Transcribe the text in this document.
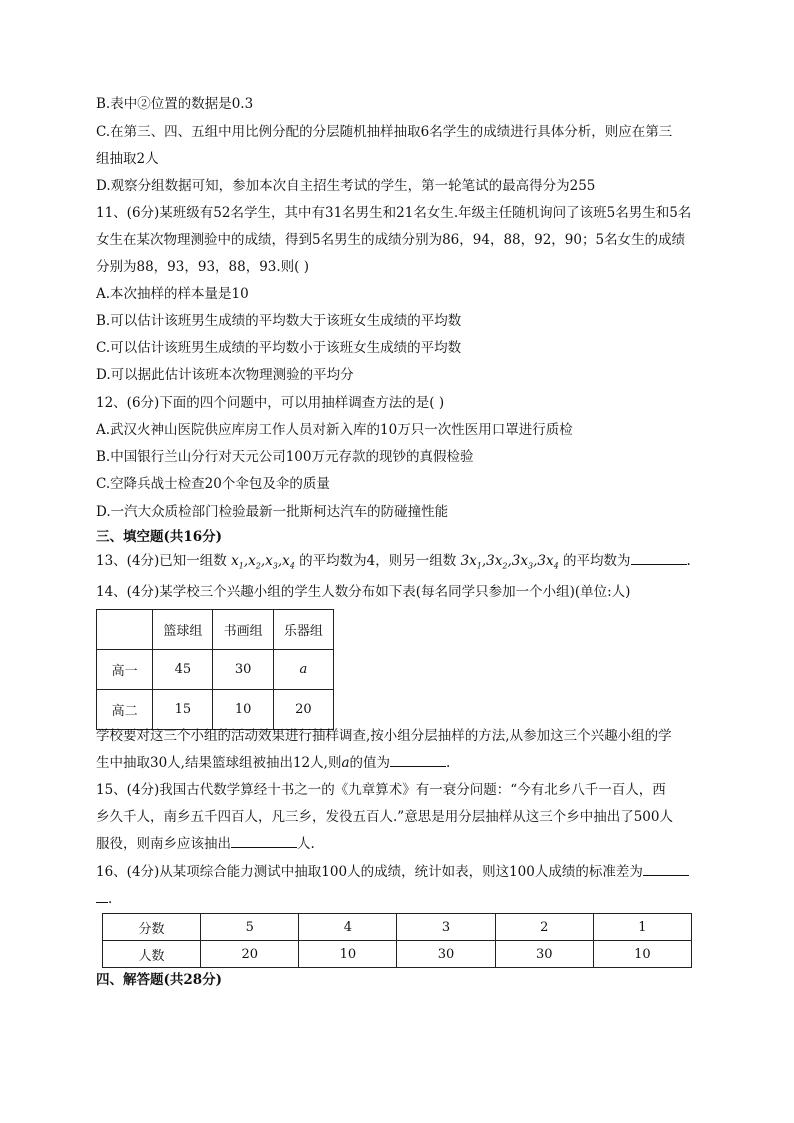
B.表中②位置的数据是0.3
C.在第三、四、五组中用比例分配的分层随机抽样抽取6名学生的成绩进行具体分析，则应在第三
组抽取2人
D.观察分组数据可知，参加本次自主招生考试的学生，第一轮笔试的最高得分为255
11、(6分)某班级有52名学生，其中有31名男生和21名女生.年级主任随机询问了该班5名男生和5名
女生在某次物理测验中的成绩，得到5名男生的成绩分别为86，94，88，92，90；5名女生的成绩
分别为88，93，93，88，93.则( )
A.本次抽样的样本量是10
B.可以估计该班男生成绩的平均数大于该班女生成绩的平均数
C.可以估计该班男生成绩的平均数小于该班女生成绩的平均数
D.可以据此估计该班本次物理测验的平均分
12、(6分)下面的四个问题中，可以用抽样调查方法的是( )
A.武汉火神山医院供应库房工作人员对新入库的10万只一次性医用口罩进行质检
B.中国银行兰山分行对天元公司100万元存款的现钞的真假检验
C.空降兵战士检查20个伞包及伞的质量
D.一汽大众质检部门检验最新一批斯柯达汽车的防碰撞性能
三、填空题(共16分)
13、(4分)已知一组数 $x_1,x_2,x_3,x_4$ 的平均数为4，则另一组数 $3x_1,3x_2,3x_3,3x_4$ 的平均数为	.
14、(4分)某学校三个兴趣小组的学生人数分布如下表(每名同学只参加一个小组)(单位:人)
	篮球组	书画组	乐器组
高一	45	30	a
高二	15	10	20
学校要对这三个小组的活动效果进行抽样调查,按小组分层抽样的方法,从参加这三个兴趣小组的学
生中抽取30人,结果篮球组被抽出12人,则a的值为	.
15、(4分)我国古代数学算经十书之一的《九章算术》有一衰分问题：“今有北乡八千一百人，西
乡久千人，南乡五千四百人，凡三乡，发役五百人.”意思是用分层抽样从这三个乡中抽出了500人
服役，则南乡应该抽出	人.
16、(4分)从某项综合能力测试中抽取100人的成绩，统计如表，则这100人成绩的标准差为
.
分数	5	4	3	2	1
人数	20	10	30	30	10
四、解答题(共28分)
